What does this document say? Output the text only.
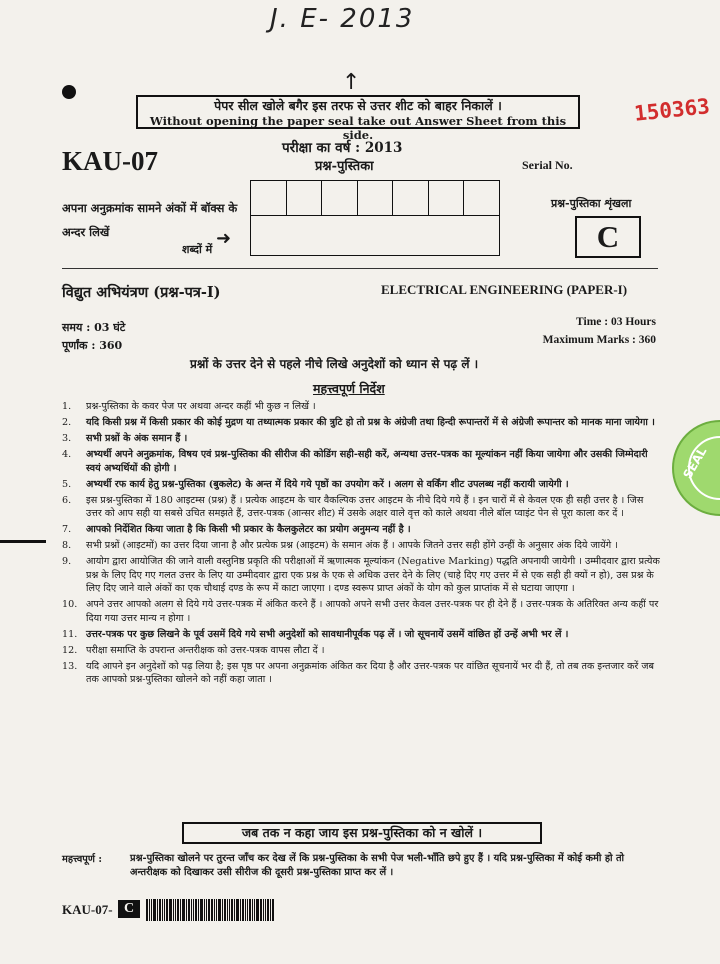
J. E- 2013
↑
पेपर सील खोले बगैर इस तरफ से उत्तर शीट को बाहर निकालें ।
Without opening the paper seal take out Answer Sheet from this side.
150363
KAU-07	परीक्षा का वर्ष : 2013
प्रश्न-पुस्तिका	Serial No.
अपना अनुक्रमांक सामने अंकों में बॉक्स के अन्दर लिखें
शब्दों में
➜
प्रश्न-पुस्तिका शृंखला
C
विद्युत अभियंत्रण (प्रश्न-पत्र-I)	ELECTRICAL ENGINEERING (PAPER-I)
समय : 03 घंटे
पूर्णांक : 360
Time : 03 Hours
Maximum Marks : 360
प्रश्नों के उत्तर देने से पहले नीचे लिखे अनुदेशों को ध्यान से पढ़ लें ।
महत्त्वपूर्ण निर्देश
1.	प्रश्न-पुस्तिका के कवर पेज पर अथवा अन्दर कहीं भी कुछ न लिखें ।
2.	यदि किसी प्रश्न में किसी प्रकार की कोई मुद्रण या तथ्यात्मक प्रकार की त्रुटि हो तो प्रश्न के अंग्रेजी तथा हिन्दी रूपान्तरों में से अंग्रेजी रूपान्तर को मानक माना जायेगा ।
3.	सभी प्रश्नों के अंक समान हैं ।
4.	अभ्यर्थी अपने अनुक्रमांक, विषय एवं प्रश्न-पुस्तिका की सीरीज की कोडिंग सही-सही करें, अन्यथा उत्तर-पत्रक का मूल्यांकन नहीं किया जायेगा और उसकी जिम्मेदारी स्वयं अभ्यर्थियों की होगी ।
5.	अभ्यर्थी रफ कार्य हेतु प्रश्न-पुस्तिका (बुकलेट) के अन्त में दिये गये पृष्ठों का उपयोग करें । अलग से वर्किंग शीट उपलब्ध नहीं करायी जायेगी ।
6.	इस प्रश्न-पुस्तिका में 180 आइटम्स (प्रश्न) हैं । प्रत्येक आइटम के चार वैकल्पिक उत्तर आइटम के नीचे दिये गये हैं । इन चारों में से केवल एक ही सही उत्तर है । जिस उत्तर को आप सही या सबसे उचित समझते हैं, उत्तर-पत्रक (आन्सर शीट) में उसके अक्षर वाले वृत्त को काले अथवा नीले बॉल प्वाइंट पेन से पूरा काला कर दें ।
7.	आपको निर्देशित किया जाता है कि किसी भी प्रकार के कैलकुलेटर का प्रयोग अनुमन्य नहीं है ।
8.	सभी प्रश्नों (आइटमों) का उत्तर दिया जाना है और प्रत्येक प्रश्न (आइटम) के समान अंक हैं । आपके जितने उत्तर सही होंगे उन्हीं के अनुसार अंक दिये जायेंगे ।
9.	आयोग द्वारा आयोजित की जाने वाली वस्तुनिष्ठ प्रकृति की परीक्षाओं में ऋणात्मक मूल्यांकन (Negative Marking) पद्धति अपनायी जायेगी । उम्मीदवार द्वारा प्रत्येक प्रश्न के लिए दिए गए गलत उत्तर के लिए या उम्मीदवार द्वारा एक प्रश्न के एक से अधिक उत्तर देने के लिए (चाहे दिए गए उत्तर में से एक सही ही क्यों न हो), उस प्रश्न के लिए दिए जाने वाले अंकों का एक चौथाई दण्ड के रूप में काटा जाएगा । दण्ड स्वरूप प्राप्त अंकों के योग को कुल प्राप्तांक में से घटाया जाएगा ।
10. अपने उत्तर आपको अलग से दिये गये उत्तर-पत्रक में अंकित करने हैं । आपको अपने सभी उत्तर केवल उत्तर-पत्रक पर ही देने हैं । उत्तर-पत्रक के अतिरिक्त अन्य कहीं पर दिया गया उत्तर मान्य न होगा ।
11. उत्तर-पत्रक पर कुछ लिखने के पूर्व उसमें दिये गये सभी अनुदेशों को सावधानीपूर्वक पढ़ लें । जो सूचनायें उसमें वांछित हों उन्हें अभी भर लें ।
12. परीक्षा समाप्ति के उपरान्त अन्तरीक्षक को उत्तर-पत्रक वापस लौटा दें ।
13. यदि आपने इन अनुदेशों को पढ़ लिया है; इस पृष्ठ पर अपना अनुक्रमांक अंकित कर दिया है और उत्तर-पत्रक पर वांछित सूचनायें भर दी हैं, तो तब तक इन्तजार करें जब तक आपको प्रश्न-पुस्तिका खोलने को नहीं कहा जाता ।
जब तक न कहा जाय इस प्रश्न-पुस्तिका को न खोलें ।
महत्त्वपूर्ण :	प्रश्न-पुस्तिका खोलने पर तुरन्त जाँच कर देख लें कि प्रश्न-पुस्तिका के सभी पेज भली-भाँति छपे हुए हैं । यदि प्रश्न-पुस्तिका में कोई कमी हो तो अन्तरीक्षक को दिखाकर उसी सीरीज की दूसरी प्रश्न-पुस्तिका प्राप्त कर लें ।
KAU-07- C
SEAL
